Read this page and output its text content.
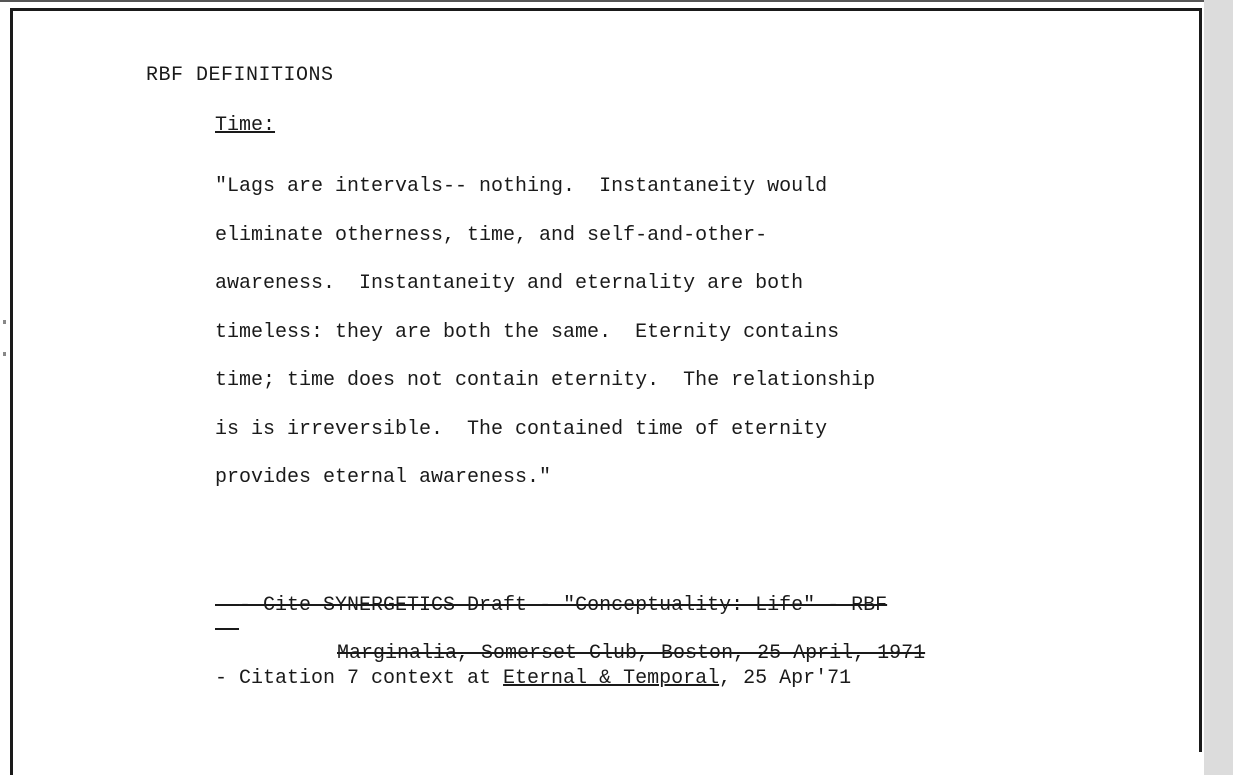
RBF DEFINITIONS
Time:

"Lags are intervals-- nothing.  Instantaneity would
eliminate otherness, time, and self-and-other-
awareness.  Instantaneity and eternality are both
timeless: they are both the same.  Eternity contains
time; time does not contain eternity.  The relationship
is is irreversible.  The contained time of eternity
provides eternal awareness."

- Cite SYNERGETICS Draft - "Conceptuality: Life" - RBF

Marginalia, Somerset Club, Boston, 25 April, 1971

- Citation 7 context at Eternal & Temporal, 25 Apr'71
